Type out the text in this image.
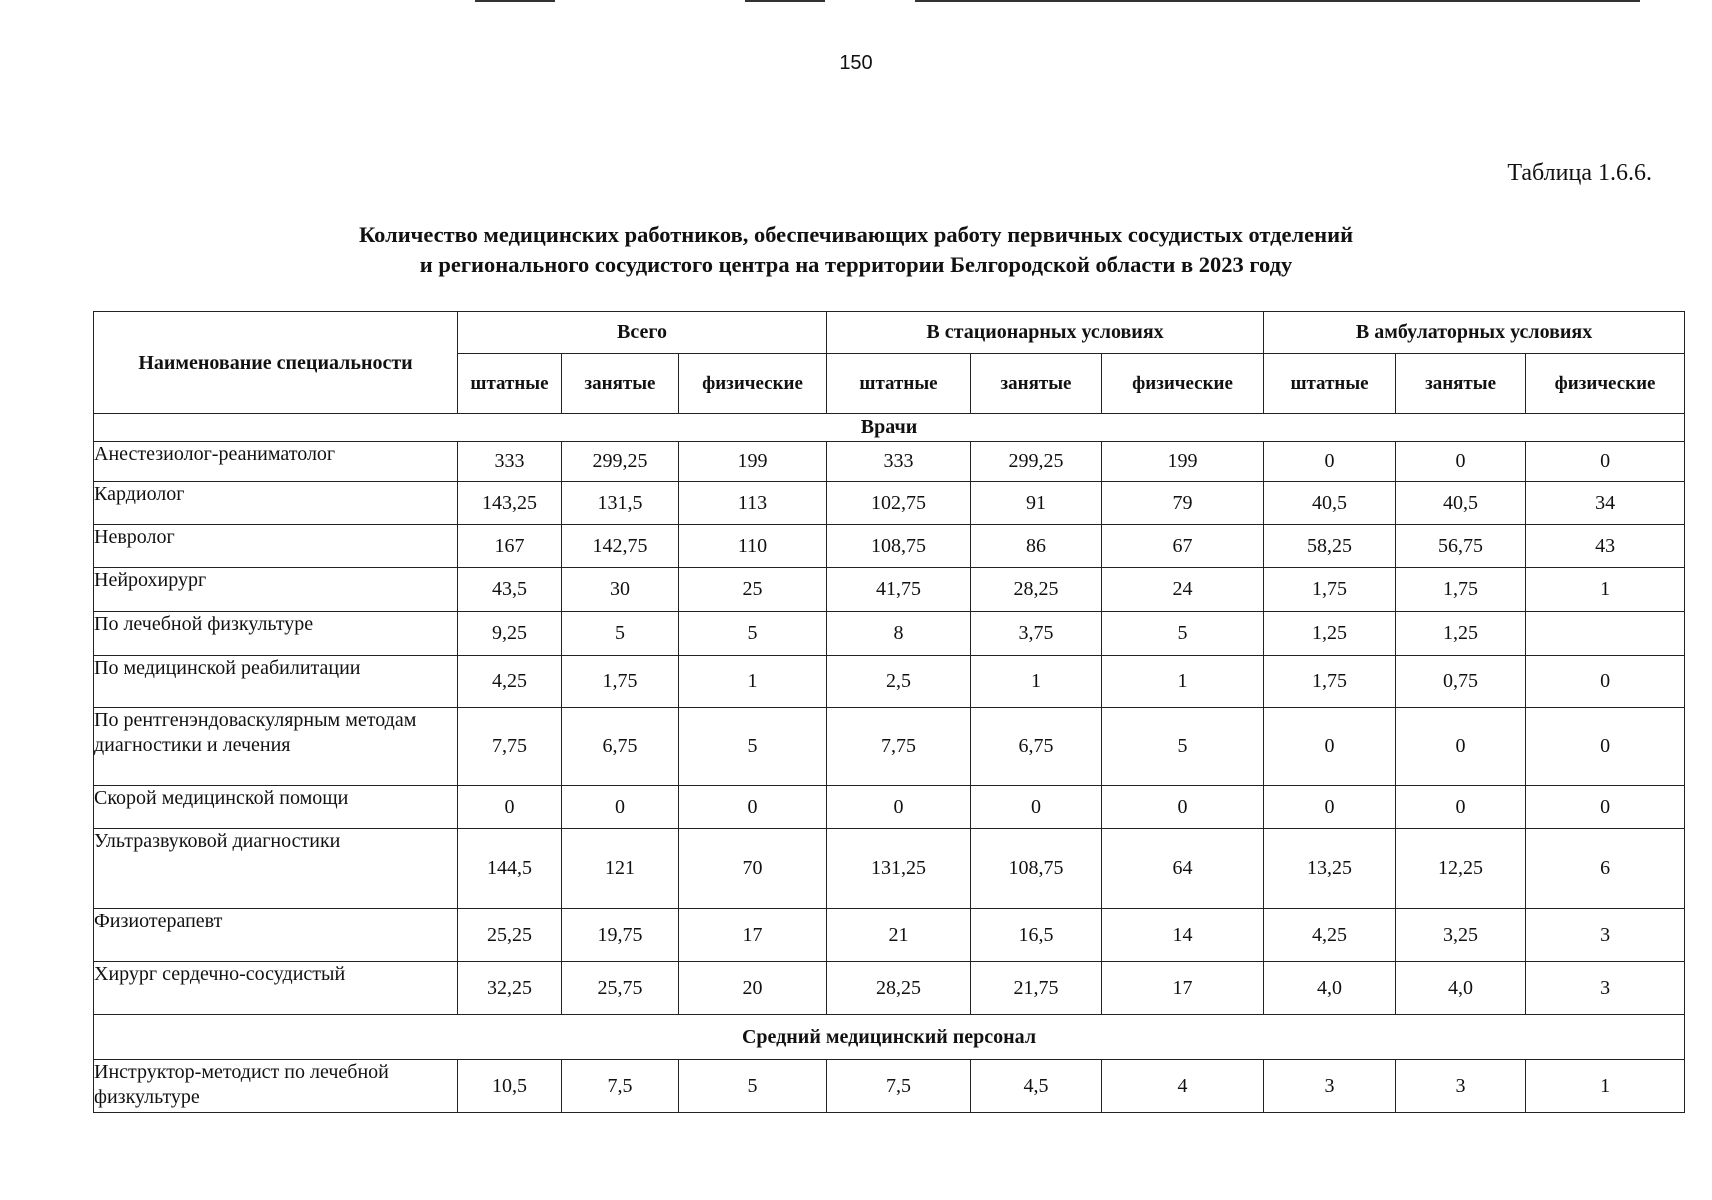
150
Таблица 1.6.6.
Количество медицинских работников, обеспечивающих работу первичных сосудистых отделений
и регионального сосудистого центра на территории Белгородской области в 2023 году
Наименование специальности	Всего			В стационарных условиях			В амбулаторных условиях		
	штатные	занятые	физические	штатные	занятые	физические	штатные	занятые	физические
Врачи									
Анестезиолог-реаниматолог	333	299,25	199	333	299,25	199	0	0	0
Кардиолог	143,25	131,5	113	102,75	91	79	40,5	40,5	34
Невролог	167	142,75	110	108,75	86	67	58,25	56,75	43
Нейрохирург	43,5	30	25	41,75	28,25	24	1,75	1,75	1
По лечебной физкультуре	9,25	5	5	8	3,75	5	1,25	1,25	
По медицинской реабилитации	4,25	1,75	1	2,5	1	1	1,75	0,75	0
По рентгенэндоваскулярным методам диагностики и лечения	7,75	6,75	5	7,75	6,75	5	0	0	0
Скорой медицинской помощи	0	0	0	0	0	0	0	0	0
Ультразвуковой диагностики	144,5	121	70	131,25	108,75	64	13,25	12,25	6
Физиотерапевт	25,25	19,75	17	21	16,5	14	4,25	3,25	3
Хирург сердечно-сосудистый	32,25	25,75	20	28,25	21,75	17	4,0	4,0	3
Средний медицинский персонал									
Инструктор-методист по лечебной физкультуре	10,5	7,5	5	7,5	4,5	4	3	3	1
